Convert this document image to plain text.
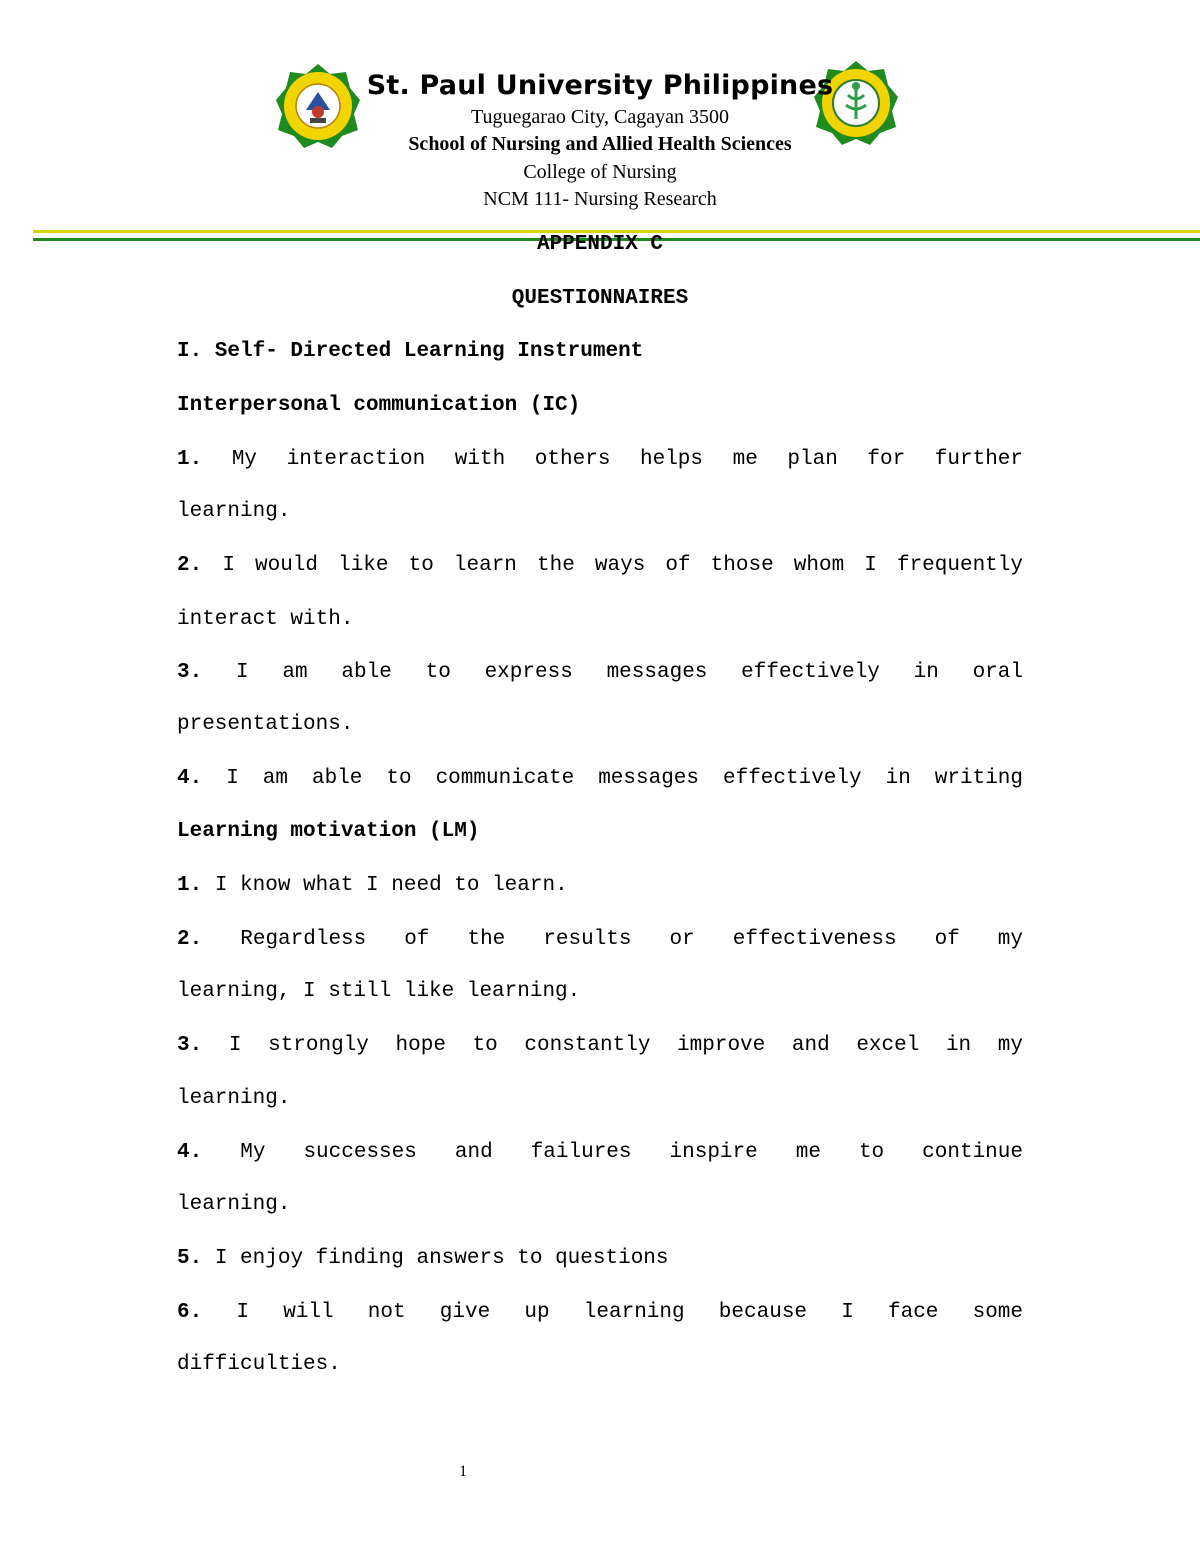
St. Paul University Philippines
Tuguegarao City, Cagayan 3500
School of Nursing and Allied Health Sciences
College of Nursing
NCM 111- Nursing Research
APPENDIX C
QUESTIONNAIRES
I. Self- Directed Learning Instrument
Interpersonal communication (IC)
1. My interaction with others helps me plan for further
learning.
2. I would like to learn the ways of those whom I frequently
interact with.
3. I am able to express messages effectively in oral
presentations.
4. I am able to communicate messages effectively in writing
Learning motivation (LM)
1. I know what I need to learn.
2. Regardless of the results or effectiveness of my
learning, I still like learning.
3. I strongly hope to constantly improve and excel in my
learning.
4. My successes and failures inspire me to continue
learning.
5. I enjoy finding answers to questions
6. I will not give up learning because I face some
difficulties.
1
